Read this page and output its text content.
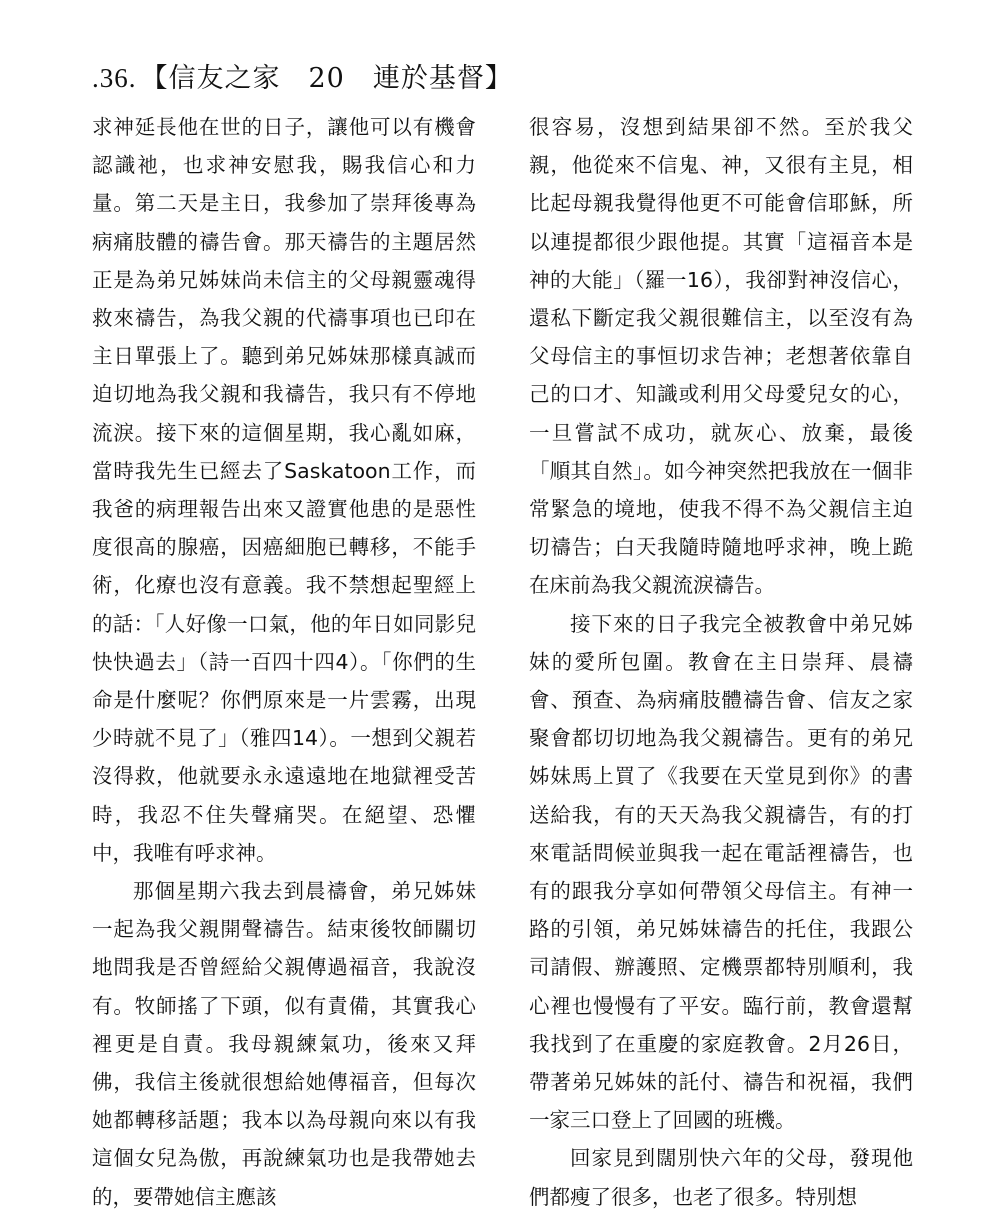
.36. 【信友之家　20　連於基督】

求神延長他在世的日子，讓他可以有機會認識祂，也求神安慰我，賜我信心和力量。第二天是主日，我參加了崇拜後專為病痛肢體的禱告會。那天禱告的主題居然正是為弟兄姊妹尚未信主的父母親靈魂得救來禱告，為我父親的代禱事項也已印在主日單張上了。聽到弟兄姊妹那樣真誠而迫切地為我父親和我禱告，我只有不停地流淚。接下來的這個星期，我心亂如麻，當時我先生已經去了Saskatoon工作，而我爸的病理報告出來又證實他患的是惡性度很高的腺癌，因癌細胞已轉移，不能手術，化療也沒有意義。我不禁想起聖經上的話：「人好像一口氣，他的年日如同影兒快快過去」（詩一百四十四4）。「你們的生命是什麼呢？你們原來是一片雲霧，出現少時就不見了」（雅四14）。一想到父親若沒得救，他就要永永遠遠地在地獄裡受苦時，我忍不住失聲痛哭。在絕望、恐懼中，我唯有呼求神。

那個星期六我去到晨禱會，弟兄姊妹一起為我父親開聲禱告。結束後牧師關切地問我是否曾經給父親傳過福音，我說沒有。牧師搖了下頭，似有責備，其實我心裡更是自責。我母親練氣功，後來又拜佛，我信主後就很想給她傳福音，但每次她都轉移話題；我本以為母親向來以有我這個女兒為傲，再說練氣功也是我帶她去的，要帶她信主應該

很容易，沒想到結果卻不然。至於我父親，他從來不信鬼、神，又很有主見，相比起母親我覺得他更不可能會信耶穌，所以連提都很少跟他提。其實「這福音本是神的大能」（羅一16），我卻對神沒信心，還私下斷定我父親很難信主，以至沒有為父母信主的事恒切求告神；老想著依靠自己的口才、知識或利用父母愛兒女的心，一旦嘗試不成功，就灰心、放棄，最後「順其自然」。如今神突然把我放在一個非常緊急的境地，使我不得不為父親信主迫切禱告；白天我隨時隨地呼求神，晚上跪在床前為我父親流淚禱告。

接下來的日子我完全被教會中弟兄姊妹的愛所包圍。教會在主日崇拜、晨禱會、預查、為病痛肢體禱告會、信友之家聚會都切切地為我父親禱告。更有的弟兄姊妹馬上買了《我要在天堂見到你》的書送給我，有的天天為我父親禱告，有的打來電話問候並與我一起在電話裡禱告，也有的跟我分享如何帶領父母信主。有神一路的引領，弟兄姊妹禱告的托住，我跟公司請假、辦護照、定機票都特別順利，我心裡也慢慢有了平安。臨行前，教會還幫我找到了在重慶的家庭教會。2月26日，帶著弟兄姊妹的託付、禱告和祝福，我們一家三口登上了回國的班機。

回家見到闊別快六年的父母，發現他們都瘦了很多，也老了很多。特別想
